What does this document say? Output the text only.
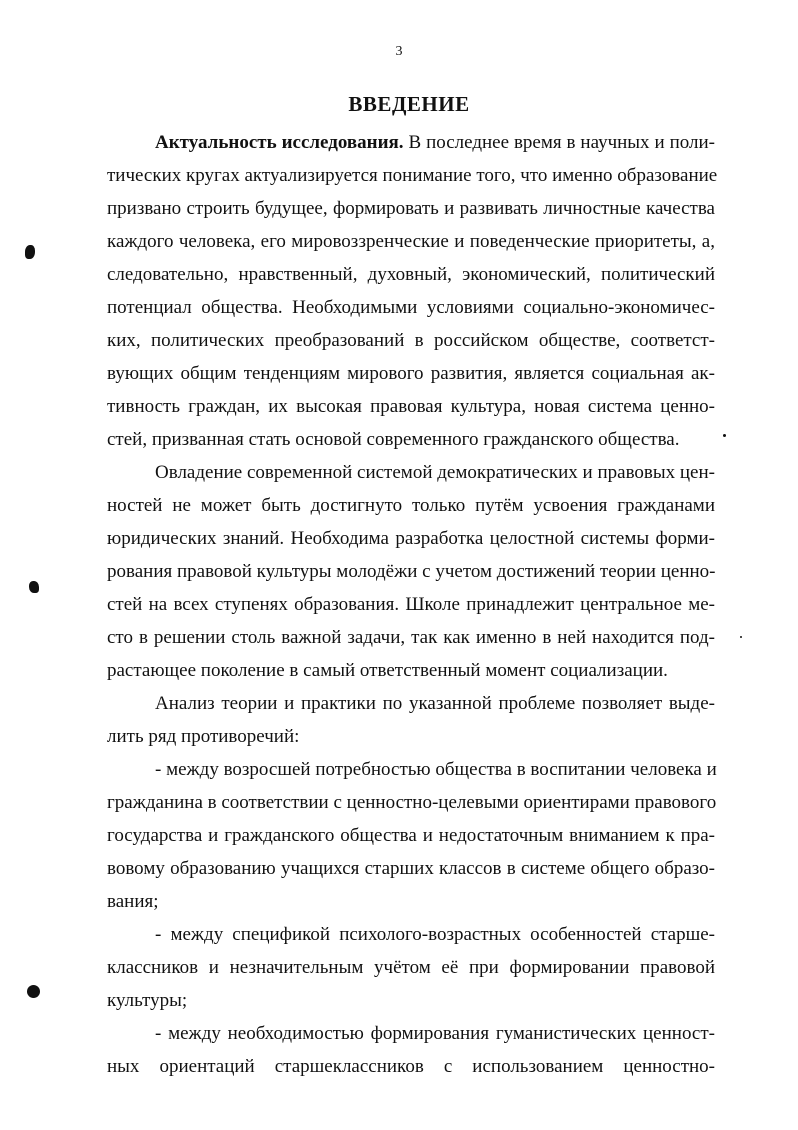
3
ВВЕДЕНИЕ
Актуальность исследования. В последнее время в научных и поли-
тических кругах актуализируется понимание того, что именно образование
призвано строить будущее, формировать и развивать личностные качества
каждого человека, его мировоззренческие и поведенческие приоритеты, а,
следовательно, нравственный, духовный, экономический, политический
потенциал общества. Необходимыми условиями социально-экономичес-
ких, политических преобразований в российском обществе, соответст-
вующих общим тенденциям мирового развития, является социальная ак-
тивность граждан, их высокая правовая культура, новая система ценно-
стей, призванная стать основой современного гражданского общества.
Овладение современной системой демократических и правовых цен-
ностей не может быть достигнуто только путём усвоения гражданами
юридических знаний. Необходима разработка целостной системы форми-
рования правовой культуры молодёжи с учетом достижений теории ценно-
стей на всех ступенях образования. Школе принадлежит центральное ме-
сто в решении столь важной задачи, так как именно в ней находится под-
растающее поколение в самый ответственный момент социализации.
Анализ теории и практики по указанной проблеме позволяет выде-
лить ряд противоречий:
- между возросшей потребностью общества в воспитании человека и
гражданина в соответствии с ценностно-целевыми ориентирами правового
государства и гражданского общества и недостаточным вниманием к пра-
вовому образованию учащихся старших классов в системе общего образо-
вания;
- между спецификой психолого-возрастных особенностей старше-
классников и незначительным учётом её при формировании правовой
культуры;
- между необходимостью формирования гуманистических ценност-
ных ориентаций старшеклассников с использованием ценностно-
